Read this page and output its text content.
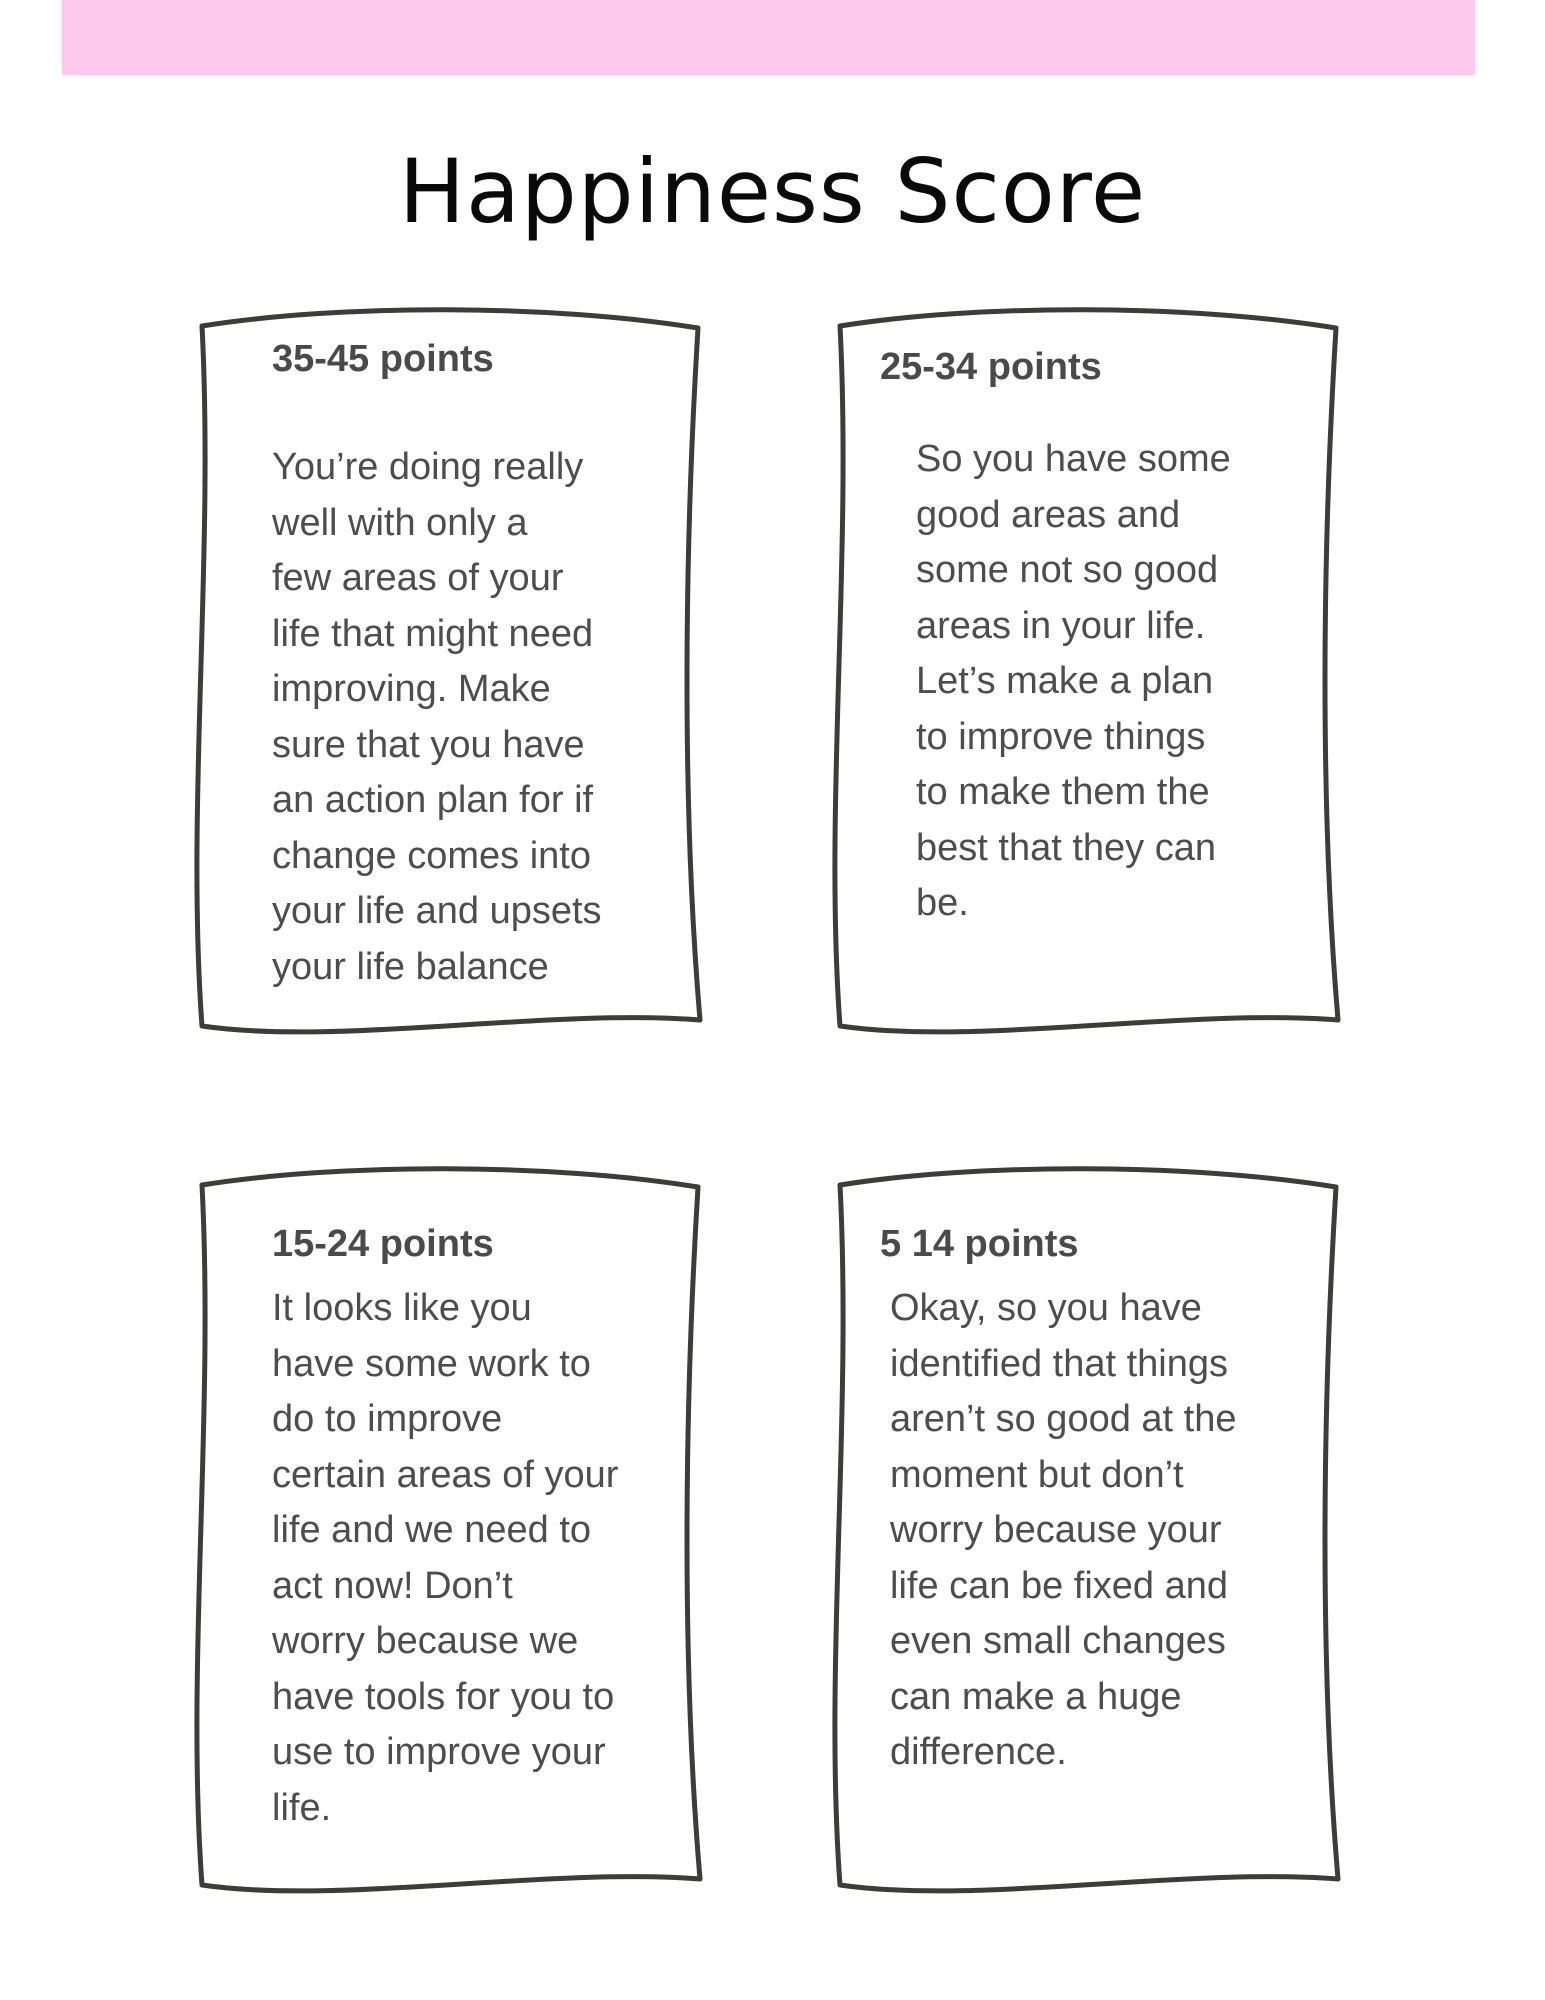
Happiness Score
35-45 points
You’re doing really
well with only a
few areas of your
life that might need
improving. Make
sure that you have
an action plan for if
change comes into
your life and upsets
your life balance
25-34 points
So you have some
good areas and
some not so good
areas in your life.
Let’s make a plan
to improve things
to make them the
best that they can
be.
15-24 points
It looks like you
have some work to
do to improve
certain areas of your
life and we need to
act now! Don’t
worry because we
have tools for you to
use to improve your
life.
5 14 points
Okay, so you have
identified that things
aren’t so good at the
moment but don’t
worry because your
life can be fixed and
even small changes
can make a huge
difference.
